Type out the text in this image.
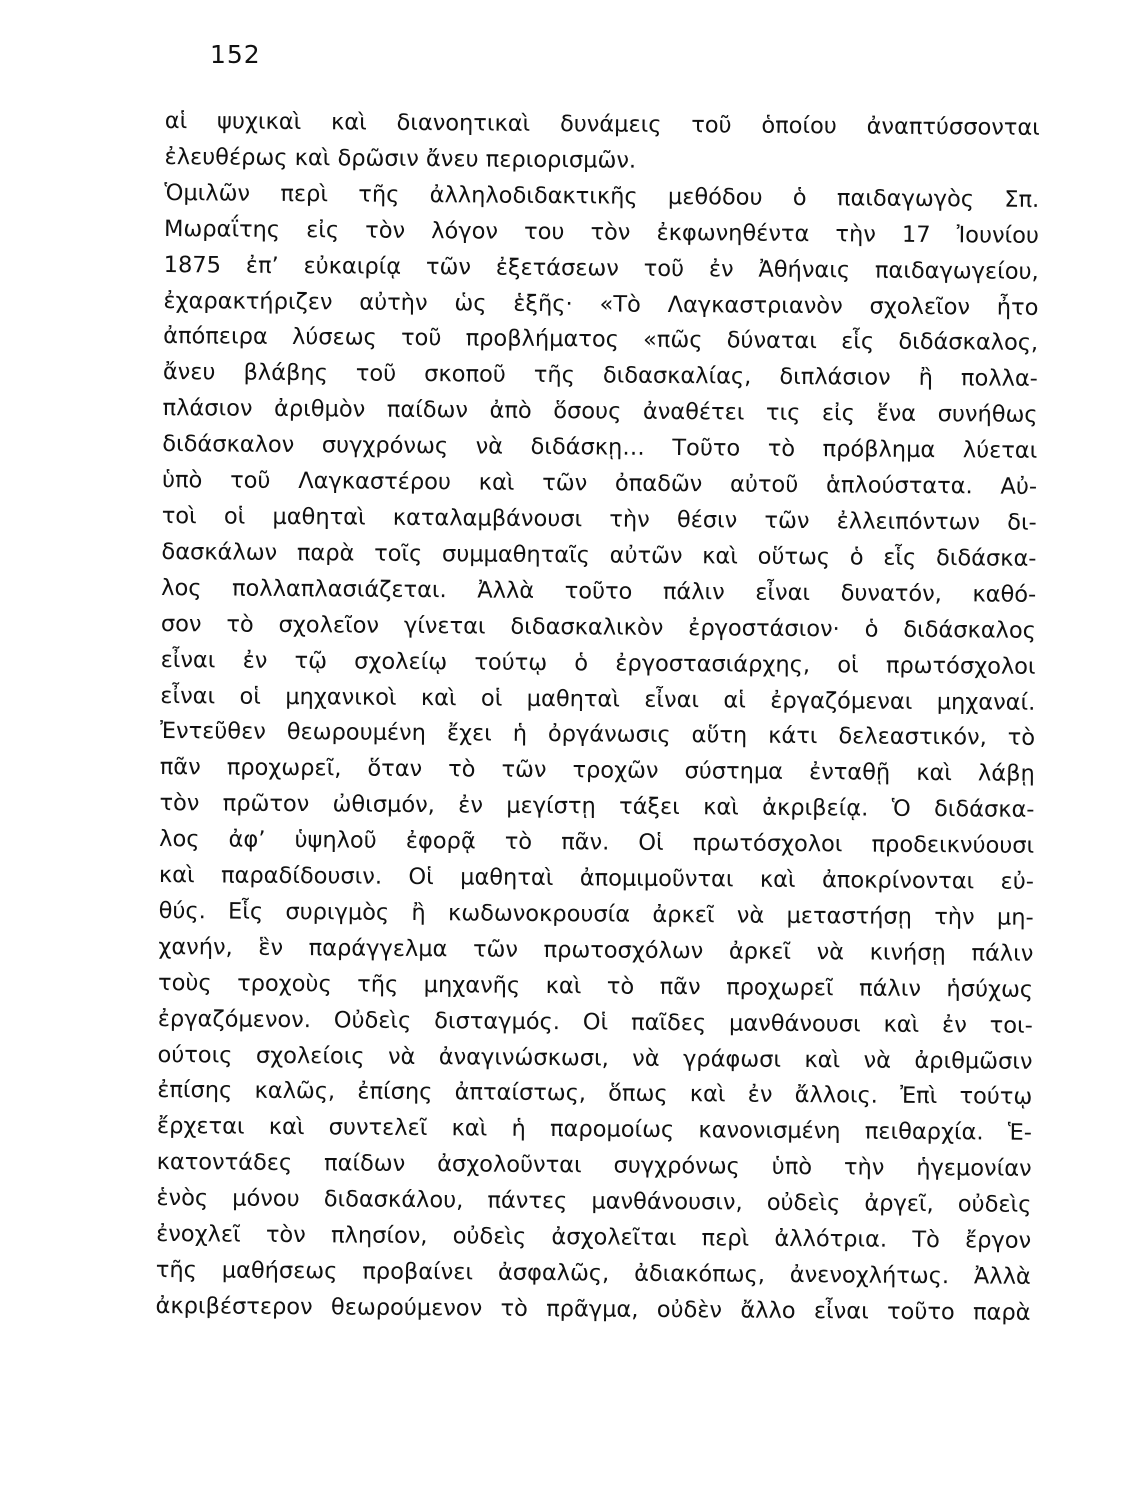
152
αἱ ψυχικαὶ καὶ διανοητικαὶ δυνάμεις τοῦ ὁποίου ἀναπτύσσονται
ἐλευθέρως καὶ δρῶσιν ἄνευ περιορισμῶν.
Ὁμιλῶν περὶ τῆς ἀλληλοδιδακτικῆς μεθόδου ὁ παιδαγωγὸς Σπ.
Μωραΐτης εἰς τὸν λόγον του τὸν ἐκφωνηθέντα τὴν 17 Ἰουνίου
1875 ἐπ’ εὐκαιρίᾳ τῶν ἐξετάσεων τοῦ ἐν Ἀθήναις παιδαγωγείου,
ἐχαρακτήριζεν αὐτὴν ὡς ἑξῆς· «Τὸ Λαγκαστριανὸν σχολεῖον ἦτο
ἀπόπειρα λύσεως τοῦ προβλήματος «πῶς δύναται εἷς διδάσκαλος,
ἄνευ βλάβης τοῦ σκοποῦ τῆς διδασκαλίας, διπλάσιον ἢ πολλα-
πλάσιον ἀριθμὸν παίδων ἀπὸ ὅσους ἀναθέτει τις εἰς ἕνα συνήθως
διδάσκαλον συγχρόνως νὰ διδάσκῃ… Τοῦτο τὸ πρόβλημα λύεται
ὑπὸ τοῦ Λαγκαστέρου καὶ τῶν ὀπαδῶν αὐτοῦ ἁπλούστατα. Αὐ-
τοὶ οἱ μαθηταὶ καταλαμβάνουσι τὴν θέσιν τῶν ἐλλειπόντων δι-
δασκάλων παρὰ τοῖς συμμαθηταῖς αὐτῶν καὶ οὕτως ὁ εἷς διδάσκα-
λος πολλαπλασιάζεται. Ἀλλὰ τοῦτο πάλιν εἶναι δυνατόν, καθό-
σον τὸ σχολεῖον γίνεται διδασκαλικὸν ἐργοστάσιον· ὁ διδάσκαλος
εἶναι ἐν τῷ σχολείῳ τούτῳ ὁ ἐργοστασιάρχης, οἱ πρωτόσχολοι
εἶναι οἱ μηχανικοὶ καὶ οἱ μαθηταὶ εἶναι αἱ ἐργαζόμεναι μηχαναί.
Ἐντεῦθεν θεωρουμένη ἔχει ἡ ὀργάνωσις αὕτη κάτι δελεαστικόν, τὸ
πᾶν προχωρεῖ, ὅταν τὸ τῶν τροχῶν σύστημα ἐνταθῇ καὶ λάβῃ
τὸν πρῶτον ὠθισμόν, ἐν μεγίστῃ τάξει καὶ ἀκριβείᾳ. Ὁ διδάσκα-
λος ἀφ’ ὑψηλοῦ ἐφορᾷ τὸ πᾶν. Οἱ πρωτόσχολοι προδεικνύουσι
καὶ παραδίδουσιν. Οἱ μαθηταὶ ἀπομιμοῦνται καὶ ἀποκρίνονται εὐ-
θύς. Εἷς συριγμὸς ἢ κωδωνοκρουσία ἀρκεῖ νὰ μεταστήσῃ τὴν μη-
χανήν, ἓν παράγγελμα τῶν πρωτοσχόλων ἀρκεῖ νὰ κινήσῃ πάλιν
τοὺς τροχοὺς τῆς μηχανῆς καὶ τὸ πᾶν προχωρεῖ πάλιν ἡσύχως
ἐργαζόμενον. Οὐδεὶς δισταγμός. Οἱ παῖδες μανθάνουσι καὶ ἐν τοι-
ούτοις σχολείοις νὰ ἀναγινώσκωσι, νὰ γράφωσι καὶ νὰ ἀριθμῶσιν
ἐπίσης καλῶς, ἐπίσης ἀπταίστως, ὅπως καὶ ἐν ἄλλοις. Ἐπὶ τούτῳ
ἔρχεται καὶ συντελεῖ καὶ ἡ παρομοίως κανονισμένη πειθαρχία. Ἑ-
κατοντάδες παίδων ἀσχολοῦνται συγχρόνως ὑπὸ τὴν ἡγεμονίαν
ἑνὸς μόνου διδασκάλου, πάντες μανθάνουσιν, οὐδεὶς ἀργεῖ, οὐδεὶς
ἐνοχλεῖ τὸν πλησίον, οὐδεὶς ἀσχολεῖται περὶ ἀλλότρια. Τὸ ἔργον
τῆς μαθήσεως προβαίνει ἀσφαλῶς, ἀδιακόπως, ἀνενοχλήτως. Ἀλλὰ
ἀκριβέστερον θεωρούμενον τὸ πρᾶγμα, οὐδὲν ἄλλο εἶναι τοῦτο παρὰ
